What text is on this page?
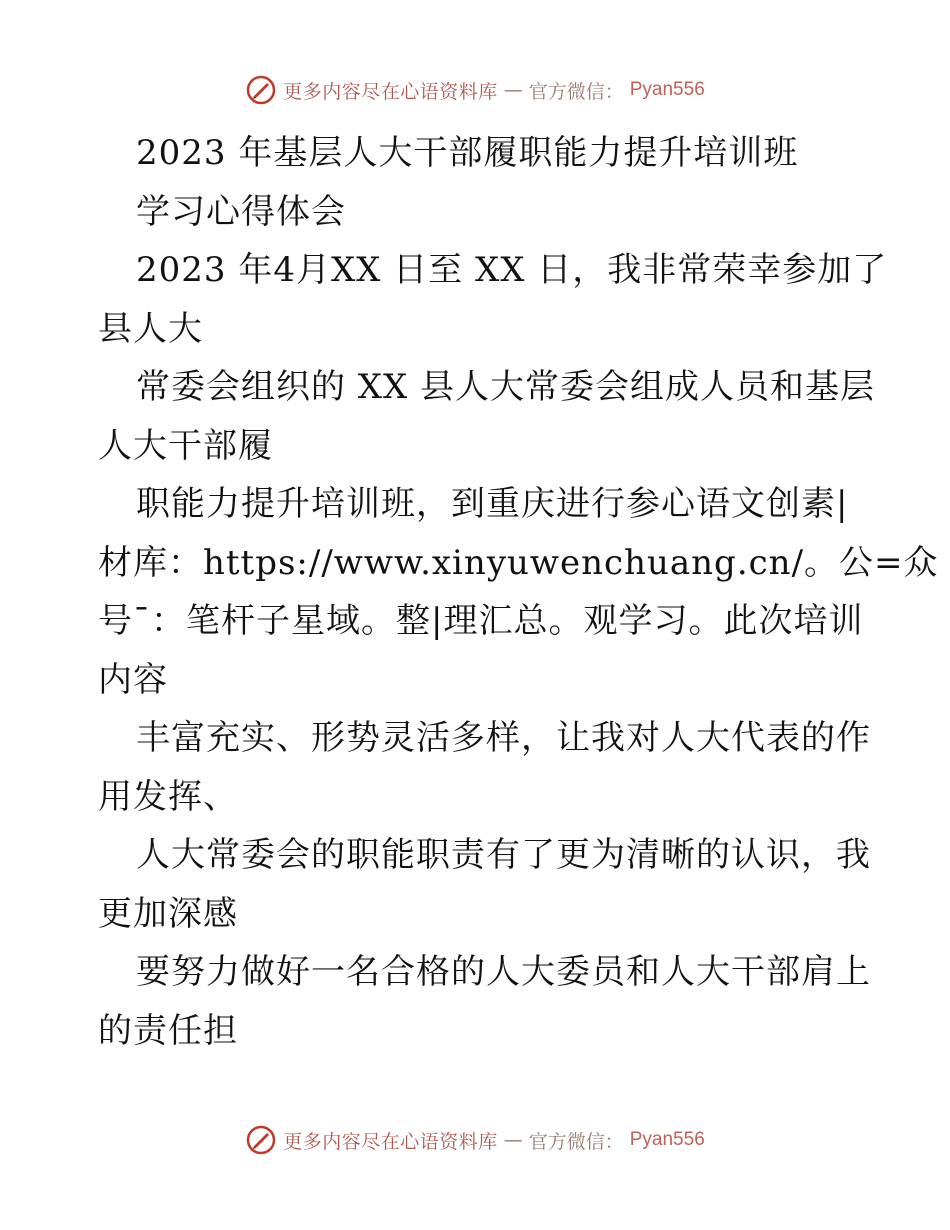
更多内容尽在心语资料库 — 官方微信： Pyan556
2023 年基层人大干部履职能力提升培训班
学习心得体会
2023 年4月XX 日至 XX 日，我非常荣幸参加了
县人大
常委会组织的 XX 县人大常委会组成人员和基层
人大干部履
职能力提升培训班，到重庆进行参心语文创素|
材库：https://www.xinyuwenchuang.cn/。公=众
号¯：笔杆子星域。整|理汇总。观学习。此次培训
内容
丰富充实、形势灵活多样，让我对人大代表的作
用发挥、
人大常委会的职能职责有了更为清晰的认识，我
更加深感
要努力做好一名合格的人大委员和人大干部肩上
的责任担
更多内容尽在心语资料库 — 官方微信： Pyan556
